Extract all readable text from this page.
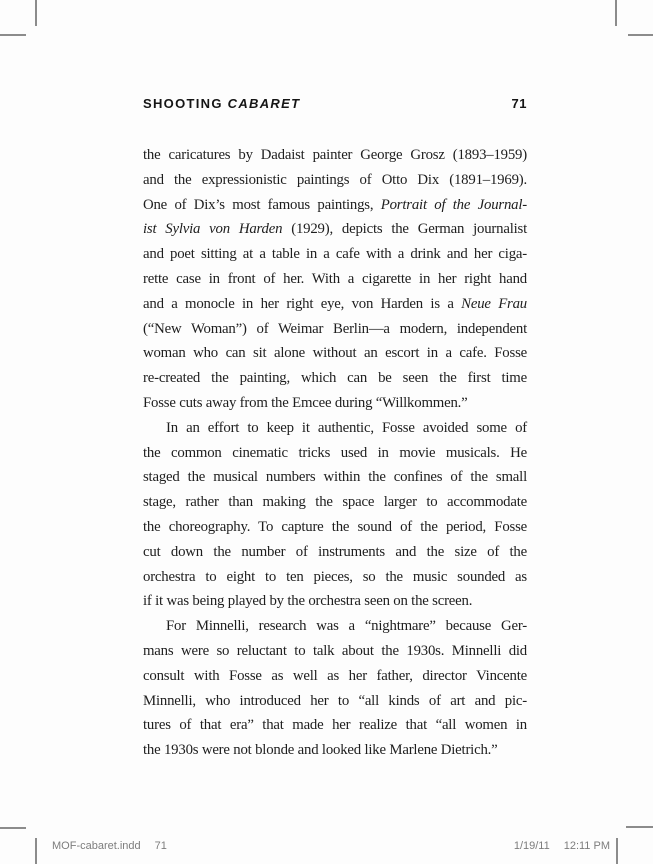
SHOOTING CABARET	71
the caricatures by Dadaist painter George Grosz (1893–1959)
and the expressionistic paintings of Otto Dix (1891–1969).
One of Dix’s most famous paintings, Portrait of the Journal-
ist Sylvia von Harden (1929), depicts the German journalist
and poet sitting at a table in a cafe with a drink and her ciga-
rette case in front of her. With a cigarette in her right hand
and a monocle in her right eye, von Harden is a Neue Frau
(“New Woman”) of Weimar Berlin—a modern, independent
woman who can sit alone without an escort in a cafe. Fosse
re-created the painting, which can be seen the first time
Fosse cuts away from the Emcee during “Willkommen.”
In an effort to keep it authentic, Fosse avoided some of
the common cinematic tricks used in movie musicals. He
staged the musical numbers within the confines of the small
stage, rather than making the space larger to accommodate
the choreography. To capture the sound of the period, Fosse
cut down the number of instruments and the size of the
orchestra to eight to ten pieces, so the music sounded as
if it was being played by the orchestra seen on the screen.
For Minnelli, research was a “nightmare” because Ger-
mans were so reluctant to talk about the 1930s. Minnelli did
consult with Fosse as well as her father, director Vincente
Minnelli, who introduced her to “all kinds of art and pic-
tures of that era” that made her realize that “all women in
the 1930s were not blonde and looked like Marlene Dietrich.”
MOF-cabaret.indd 71	1/19/11 12:11 PM
